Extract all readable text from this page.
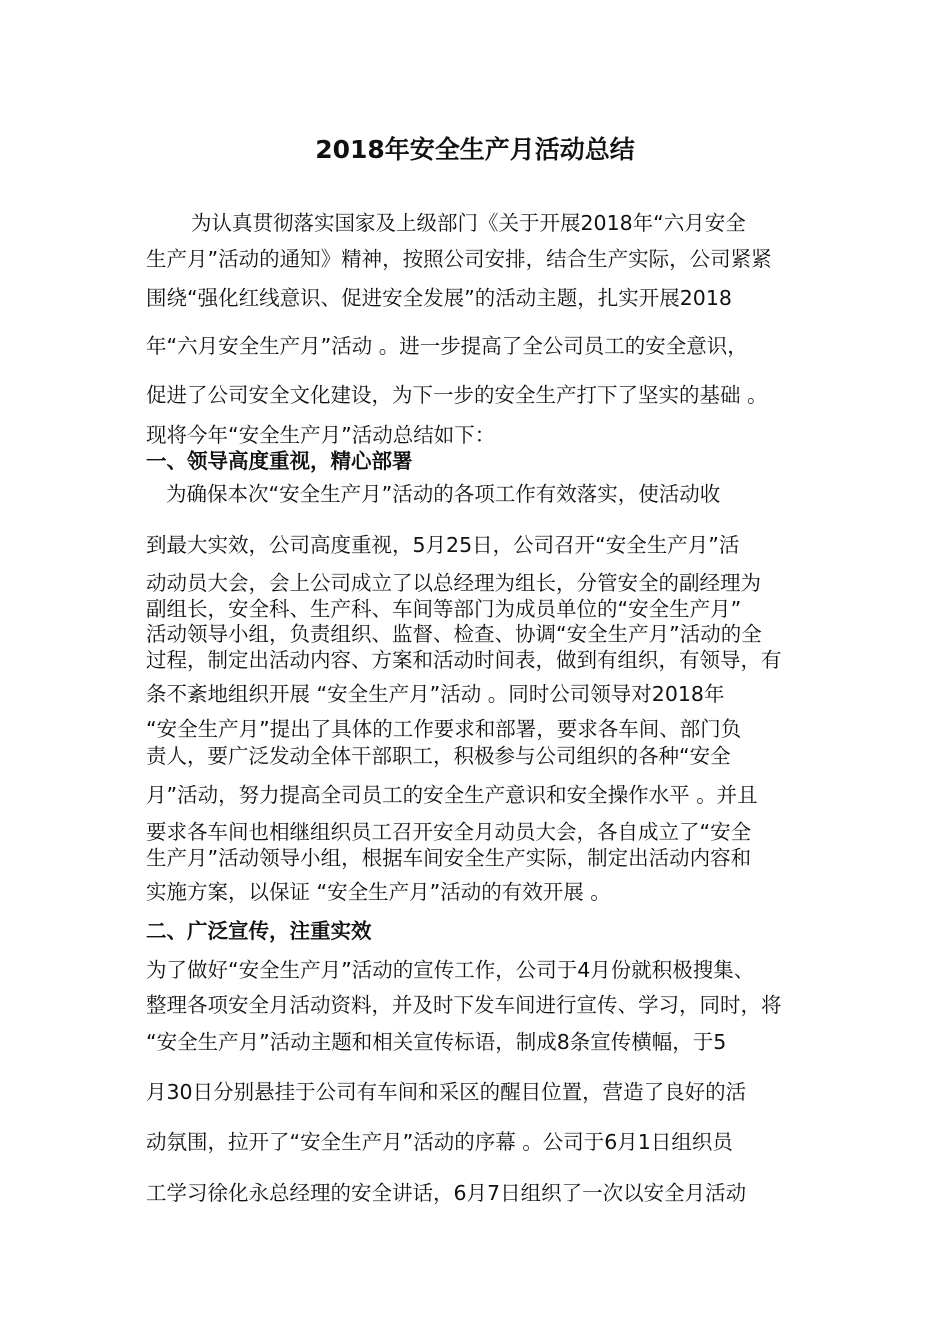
2018年安全生产月活动总结
为认真贯彻落实国家及上级部门《关于开展2018年“六月安全
生产月”活动的通知》精神，按照公司安排，结合生产实际，公司紧紧
围绕“强化红线意识、促进安全发展”的活动主题，扎实开展2018
年“六月安全生产月”活动 。进一步提高了全公司员工的安全意识，
促进了公司安全文化建设，为下一步的安全生产打下了坚实的基础 。
现将今年“安全生产月”活动总结如下：
一、领导高度重视，精心部署
为确保本次“安全生产月”活动的各项工作有效落实，使活动收
到最大实效，公司高度重视，5月25日，公司召开“安全生产月”活
动动员大会，会上公司成立了以总经理为组长，分管安全的副经理为
副组长，安全科、生产科、车间等部门为成员单位的“安全生产月”
活动领导小组，负责组织、监督、检查、协调“安全生产月”活动的全
过程，制定出活动内容、方案和活动时间表，做到有组织，有领导，有
条不紊地组织开展 “安全生产月”活动 。同时公司领导对2018年
“安全生产月”提出了具体的工作要求和部署，要求各车间、部门负
责人，要广泛发动全体干部职工，积极参与公司组织的各种“安全
月”活动，努力提高全司员工的安全生产意识和安全操作水平 。并且
要求各车间也相继组织员工召开安全月动员大会，各自成立了“安全
生产月”活动领导小组，根据车间安全生产实际，制定出活动内容和
实施方案，以保证 “安全生产月”活动的有效开展 。
二、广泛宣传，注重实效
为了做好“安全生产月”活动的宣传工作，公司于4月份就积极搜集、
整理各项安全月活动资料，并及时下发车间进行宣传、学习，同时，将
“安全生产月”活动主题和相关宣传标语，制成8条宣传横幅，于5
月30日分别悬挂于公司有车间和采区的醒目位置，营造了良好的活
动氛围，拉开了“安全生产月”活动的序幕 。公司于6月1日组织员
工学习徐化永总经理的安全讲话，6月7日组织了一次以安全月活动
